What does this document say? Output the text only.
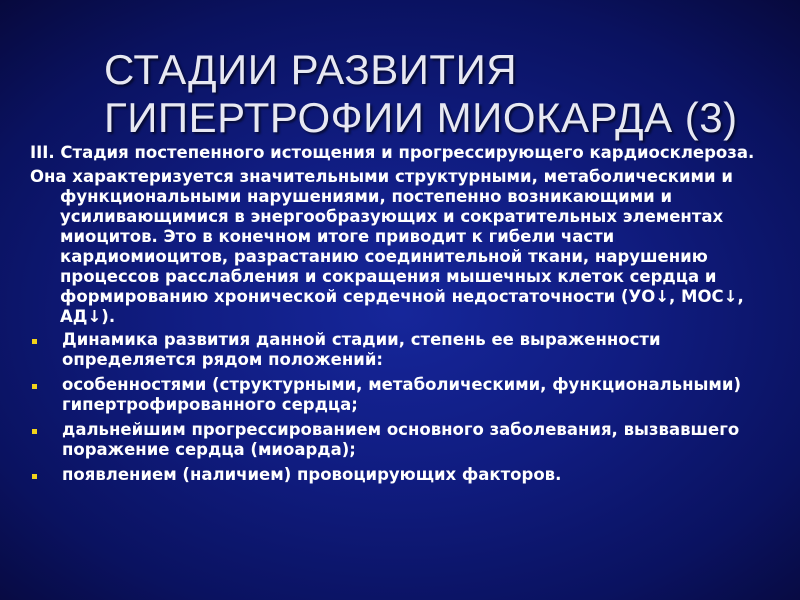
СТАДИИ РАЗВИТИЯ
ГИПЕРТРОФИИ МИОКАРДА (3)

III. Стадия постепенного истощения и прогрессирующего кардиосклероза.

Она характеризуется значительными структурными, метаболическими и функциональными нарушениями, постепенно возникающими и усиливающимися в энергообразующих и сократительных элементах миоцитов. Это в конечном итоге приводит к гибели части кардиомиоцитов, разрастанию соединительной ткани, нарушению процессов расслабления и сокращения мышечных клеток сердца и формированию хронической сердечной недостаточности (УО↓, МОС↓, АД↓).

Динамика развития данной стадии, степень ее выраженности определяется рядом положений:
особенностями (структурными, метаболическими, функциональными) гипертрофированного сердца;
дальнейшим прогрессированием основного заболевания, вызвавшего поражение сердца (миоарда);
появлением (наличием) провоцирующих факторов.
